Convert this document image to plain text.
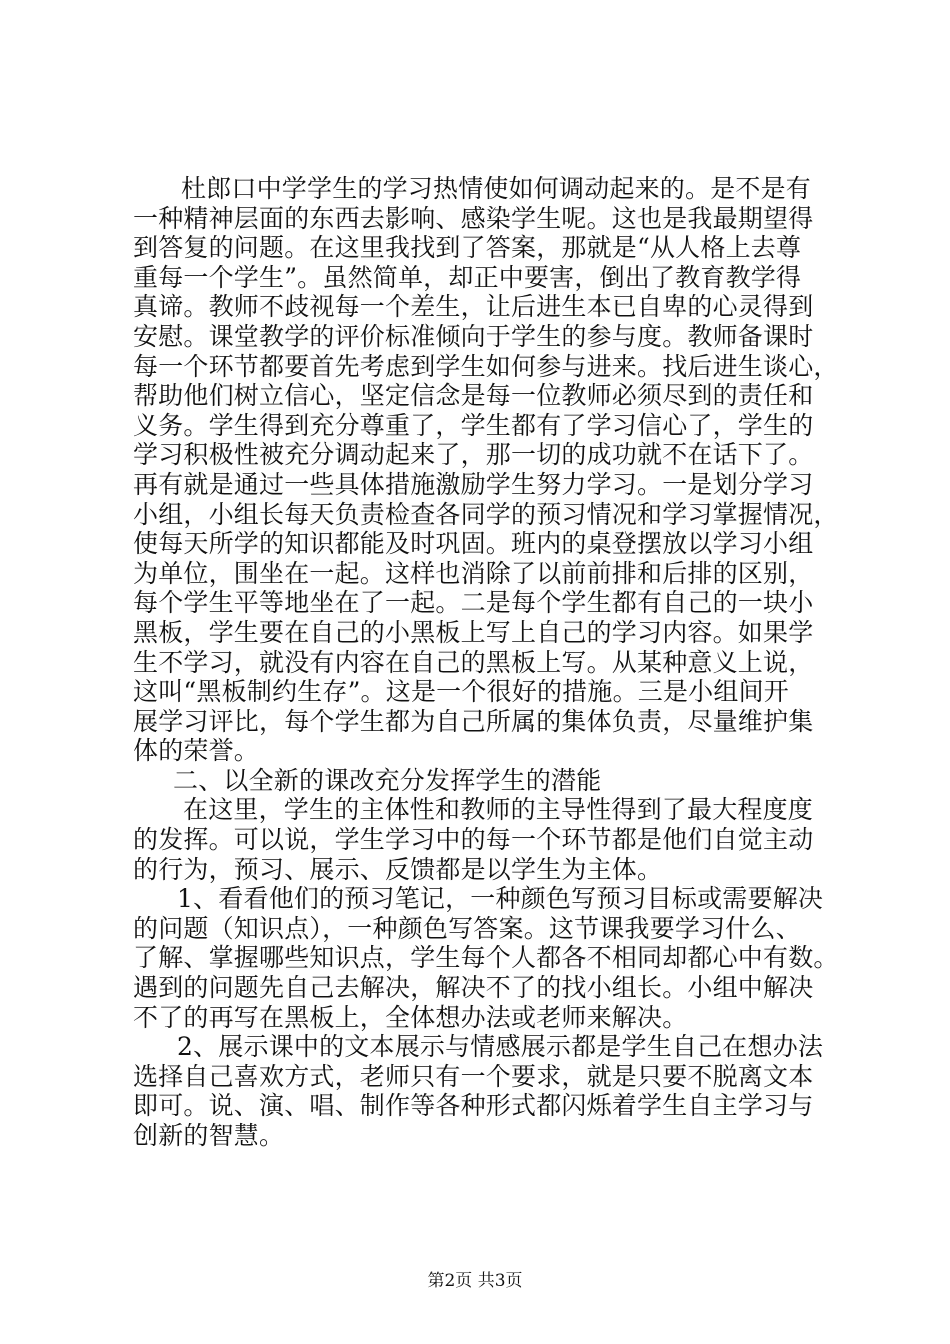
杜郎口中学学生的学习热情使如何调动起来的。是不是有
一种精神层面的东西去影响、感染学生呢。这也是我最期望得
到答复的问题。在这里我找到了答案，那就是“从人格上去尊
重每一个学生”。虽然简单，却正中要害，倒出了教育教学得
真谛。教师不歧视每一个差生，让后进生本已自卑的心灵得到
安慰。课堂教学的评价标准倾向于学生的参与度。教师备课时
每一个环节都要首先考虑到学生如何参与进来。找后进生谈心，
帮助他们树立信心，坚定信念是每一位教师必须尽到的责任和
义务。学生得到充分尊重了，学生都有了学习信心了，学生的
学习积极性被充分调动起来了，那一切的成功就不在话下了。
再有就是通过一些具体措施激励学生努力学习。一是划分学习
小组，小组长每天负责检查各同学的预习情况和学习掌握情况，
使每天所学的知识都能及时巩固。班内的桌登摆放以学习小组
为单位，围坐在一起。这样也消除了以前前排和后排的区别，
每个学生平等地坐在了一起。二是每个学生都有自己的一块小
黑板，学生要在自己的小黑板上写上自己的学习内容。如果学
生不学习，就没有内容在自己的黑板上写。从某种意义上说，
这叫“黑板制约生存”。这是一个很好的措施。三是小组间开
展学习评比，每个学生都为自己所属的集体负责，尽量维护集
体的荣誉。
二、以全新的课改充分发挥学生的潜能
在这里，学生的主体性和教师的主导性得到了最大程度度
的发挥。可以说，学生学习中的每一个环节都是他们自觉主动
的行为，预习、展示、反馈都是以学生为主体。
1、看看他们的预习笔记，一种颜色写预习目标或需要解决
的问题（知识点），一种颜色写答案。这节课我要学习什么、
了解、掌握哪些知识点，学生每个人都各不相同却都心中有数。
遇到的问题先自己去解决，解决不了的找小组长。小组中解决
不了的再写在黑板上，全体想办法或老师来解决。
2、展示课中的文本展示与情感展示都是学生自己在想办法
选择自己喜欢方式，老师只有一个要求，就是只要不脱离文本
即可。说、演、唱、制作等各种形式都闪烁着学生自主学习与
创新的智慧。
第2页 共3页
